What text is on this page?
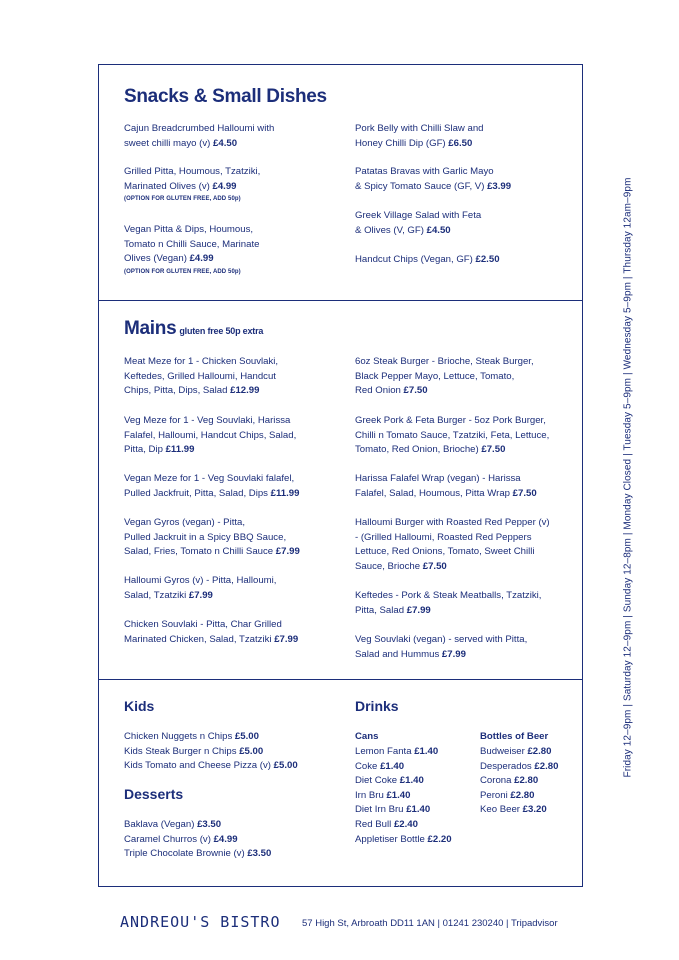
Snacks & Small Dishes
Cajun Breadcrumbed Halloumi with
sweet chilli mayo (v) £4.50
Grilled Pitta, Houmous, Tzatziki,
Marinated Olives (v) £4.99
(OPTION FOR GLUTEN FREE, ADD 50p)
Vegan Pitta & Dips, Houmous,
Tomato n Chilli Sauce, Marinate
Olives (Vegan) £4.99
(OPTION FOR GLUTEN FREE, ADD 50p)
Pork Belly with Chilli Slaw and
Honey Chilli Dip (GF) £6.50
Patatas Bravas with Garlic Mayo
& Spicy Tomato Sauce (GF, V) £3.99
Greek Village Salad with Feta
& Olives (V, GF) £4.50
Handcut Chips (Vegan, GF) £2.50
Mains gluten free 50p extra
Meat Meze for 1 - Chicken Souvlaki,
Keftedes, Grilled Halloumi, Handcut
Chips, Pitta, Dips, Salad £12.99
Veg Meze for 1 - Veg Souvlaki, Harissa
Falafel, Halloumi, Handcut Chips, Salad,
Pitta, Dip £11.99
Vegan Meze for 1 - Veg Souvlaki falafel,
Pulled Jackfruit, Pitta, Salad, Dips £11.99
Vegan Gyros (vegan) - Pitta,
Pulled Jackruit in a Spicy BBQ Sauce,
Salad, Fries, Tomato n Chilli Sauce £7.99
Halloumi Gyros (v) - Pitta, Halloumi,
Salad, Tzatziki £7.99
Chicken Souvlaki - Pitta, Char Grilled
Marinated Chicken, Salad, Tzatziki £7.99
6oz Steak Burger - Brioche, Steak Burger,
Black Pepper Mayo, Lettuce, Tomato,
Red Onion £7.50
Greek Pork & Feta Burger - 5oz Pork Burger,
Chilli n Tomato Sauce, Tzatziki, Feta, Lettuce,
Tomato, Red Onion, Brioche) £7.50
Harissa Falafel Wrap (vegan) - Harissa
Falafel, Salad, Houmous, Pitta Wrap £7.50
Halloumi Burger with Roasted Red Pepper (v)
- (Grilled Halloumi, Roasted Red Peppers
Lettuce, Red Onions, Tomato, Sweet Chilli
Sauce, Brioche £7.50
Keftedes - Pork & Steak Meatballs, Tzatziki,
Pitta, Salad £7.99
Veg Souvlaki (vegan) - served with Pitta,
Salad and Hummus £7.99
Kids
Chicken Nuggets n Chips £5.00
Kids Steak Burger n Chips £5.00
Kids Tomato and Cheese Pizza (v) £5.00
Desserts
Baklava (Vegan) £3.50
Caramel Churros (v) £4.99
Triple Chocolate Brownie (v) £3.50
Drinks
Cans
Lemon Fanta £1.40
Coke £1.40
Diet Coke £1.40
Irn Bru £1.40
Diet Irn Bru £1.40
Red Bull £2.40
Appletiser Bottle £2.20
Bottles of Beer
Budweiser £2.80
Desperados £2.80
Corona £2.80
Peroni £2.80
Keo Beer £3.20
Friday 12–9pm | Saturday 12–9pm | Sunday 12–8pm | Monday Closed | Tuesday 5–9pm | Wednesday 5–9pm | Thursday 12am–9pm
ANDREOU'S BISTRO 57 High St, Arbroath DD11 1AN | 01241 230240 | Tripadvisor
